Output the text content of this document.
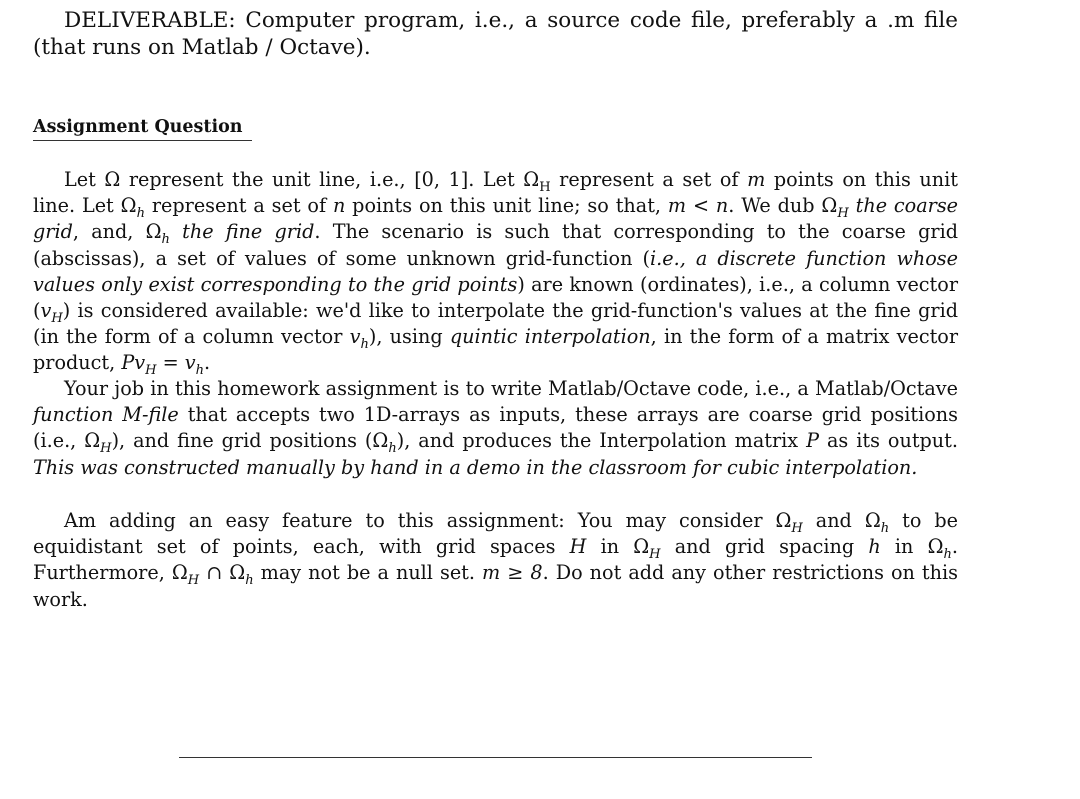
DELIVERABLE: Computer program, i.e., a source code file, preferably a .m file (that runs on Matlab / Octave).
Assignment Question
Let Ω represent the unit line, i.e., [0, 1]. Let $\Omega_H$ represent a set of m points on this unit line. Let $\Omega_h$ represent a set of n points on this unit line; so that, m < n. We dub $\Omega_H$ the coarse grid, and, $\Omega_h$ the fine grid. The scenario is such that corresponding to the coarse grid (abscissas), a set of values of some unknown grid-function (i.e., a discrete function whose values only exist corresponding to the grid points) are known (ordinates), i.e., a column vector $(v_H)$ is considered available: we'd like to interpolate the grid-function's values at the fine grid (in the form of a column vector $v_h$), using quintic interpolation, in the form of a matrix vector product, $Pv_H = v_h$.
Your job in this homework assignment is to write Matlab/Octave code, i.e., a Matlab/Octave function M-file that accepts two 1D-arrays as inputs, these arrays are coarse grid positions (i.e., $\Omega_H$), and fine grid positions $(\Omega_h)$, and produces the Interpolation matrix P as its output. This was constructed manually by hand in a demo in the classroom for cubic interpolation.
Am adding an easy feature to this assignment: You may consider $\Omega_H$ and $\Omega_h$ to be equidistant set of points, each, with grid spaces H in $\Omega_H$ and grid spacing h in $\Omega_h$. Furthermore, $\Omega_H$ ∩ $\Omega_h$ may not be a null set. m ≥ 8. Do not add any other restrictions on this work.
